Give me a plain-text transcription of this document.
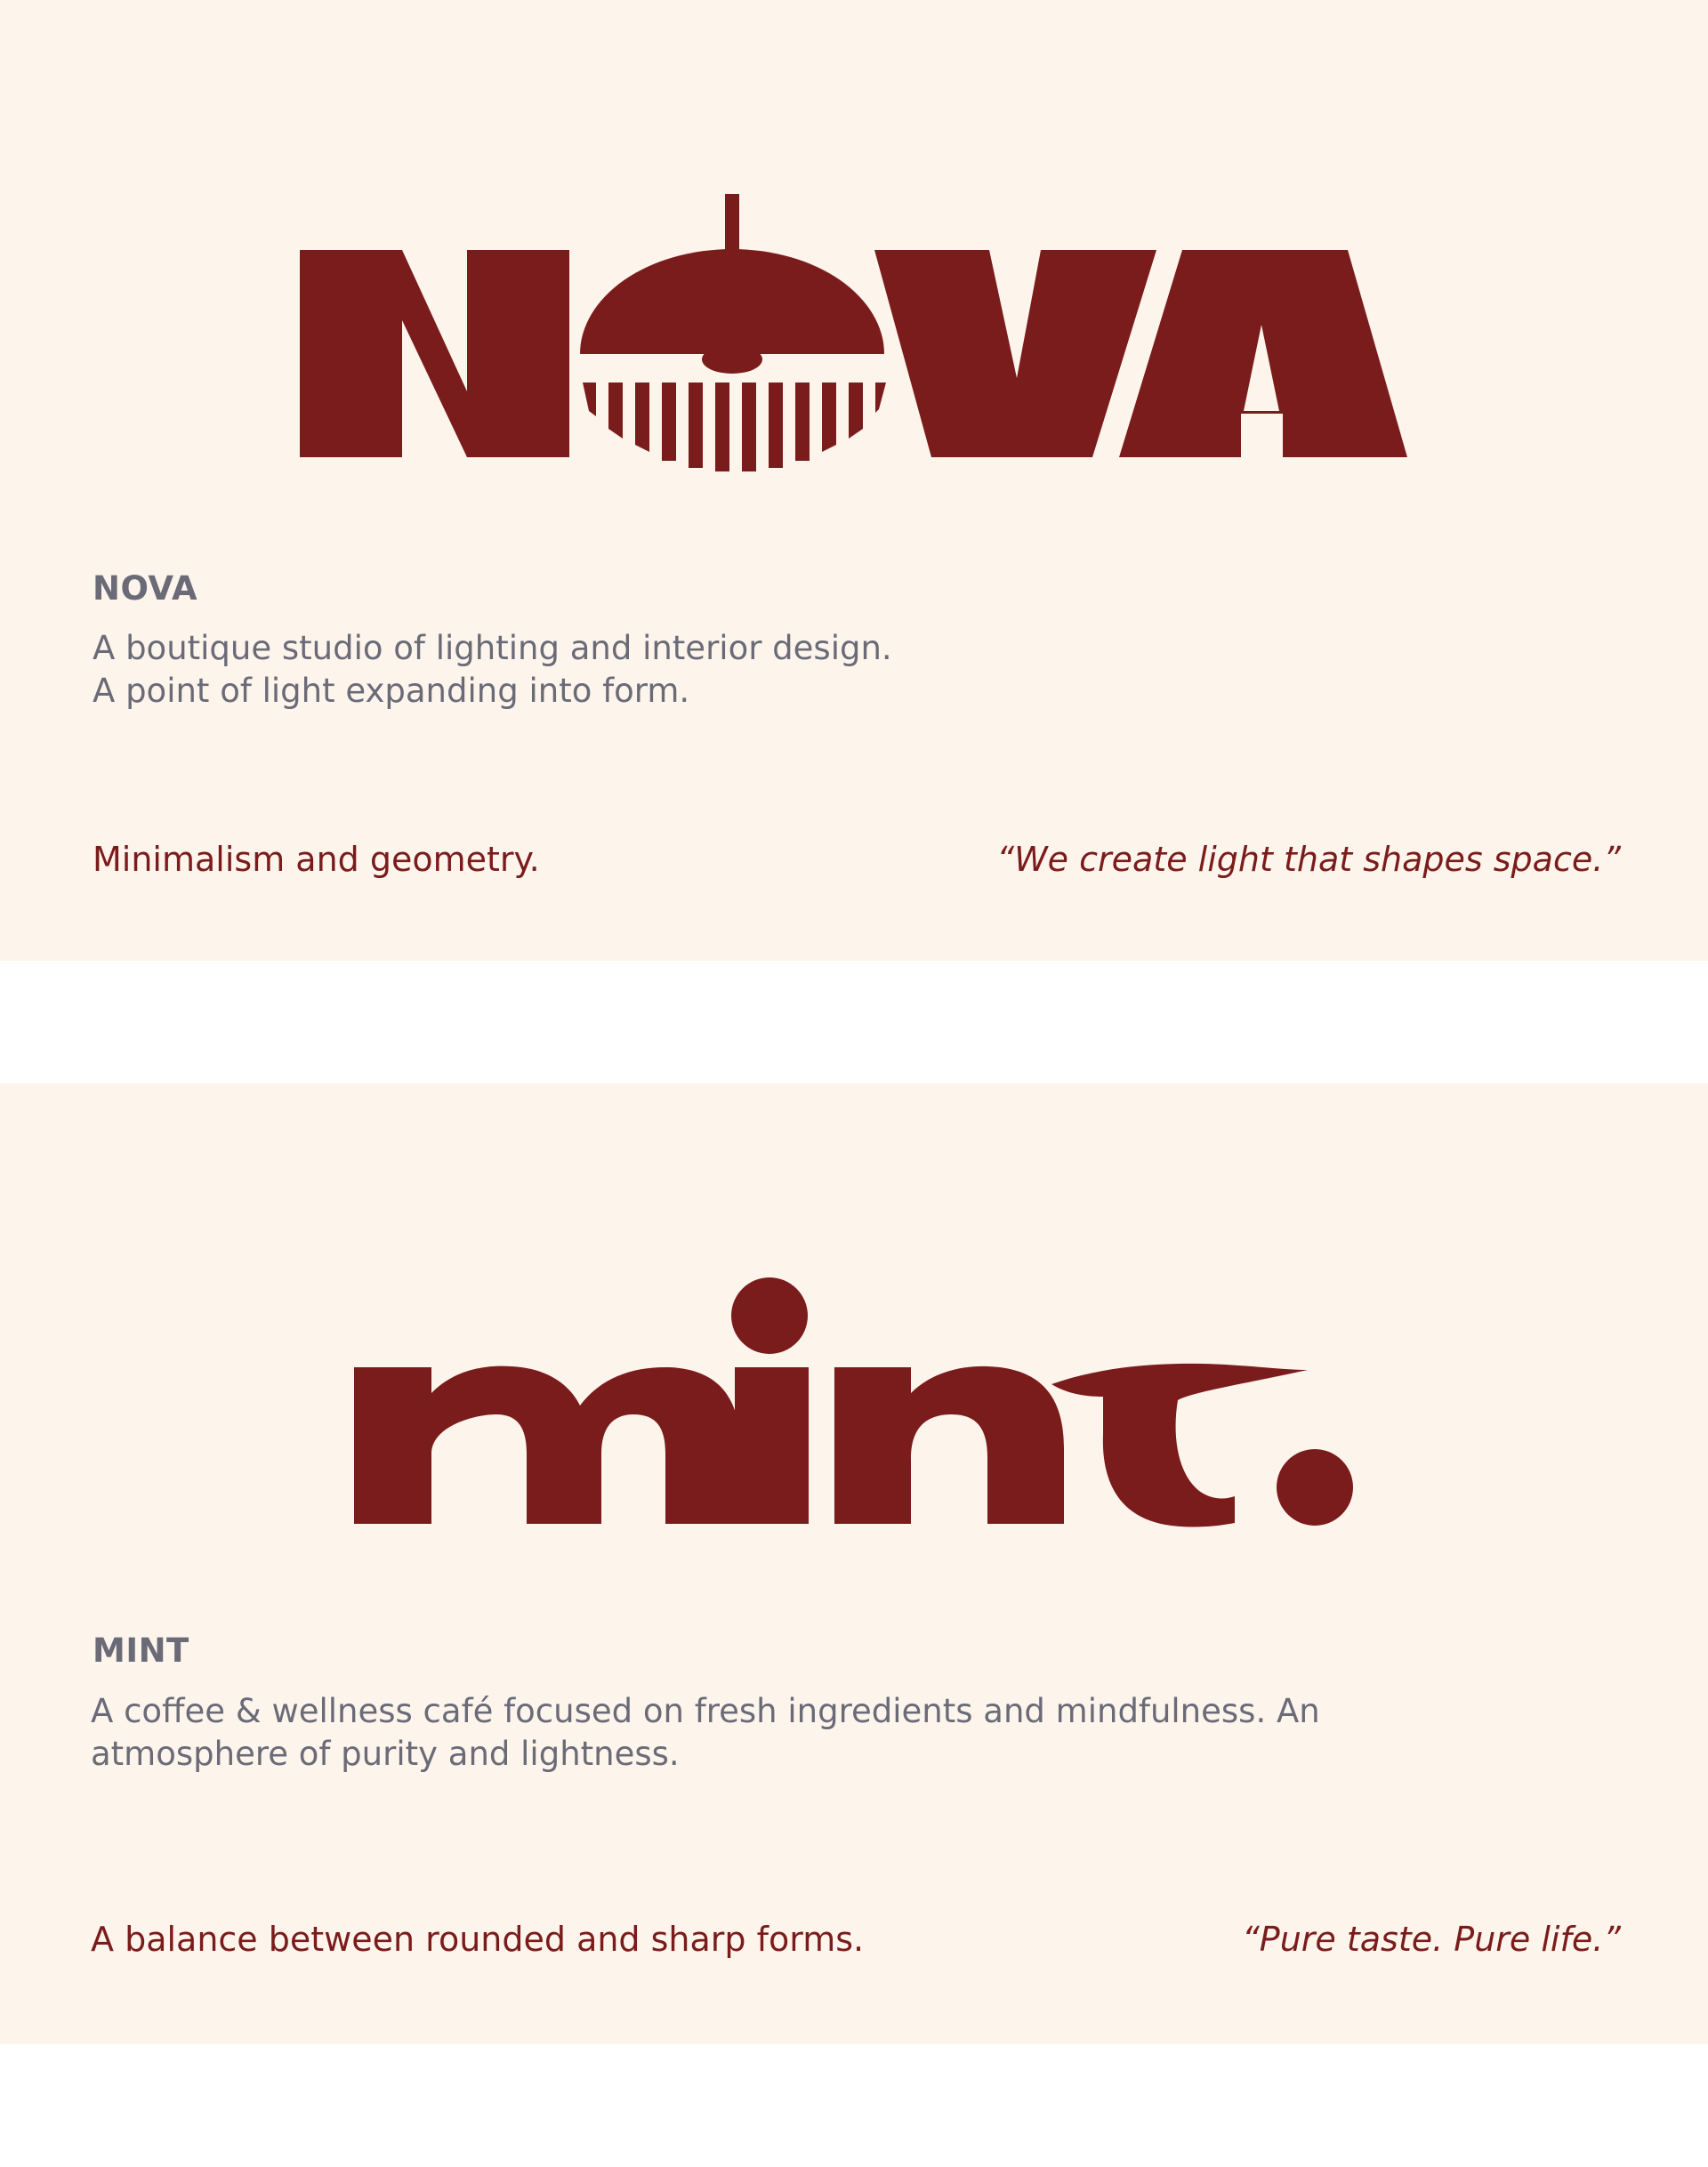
NOVA

A boutique studio of lighting and interior design.
A point of light expanding into form.

Minimalism and geometry.	“We create light that shapes space.”

MINT

A coffee & wellness café focused on fresh ingredients and mindfulness. An
atmosphere of purity and lightness.

A balance between rounded and sharp forms.	“Pure taste. Pure life.”
